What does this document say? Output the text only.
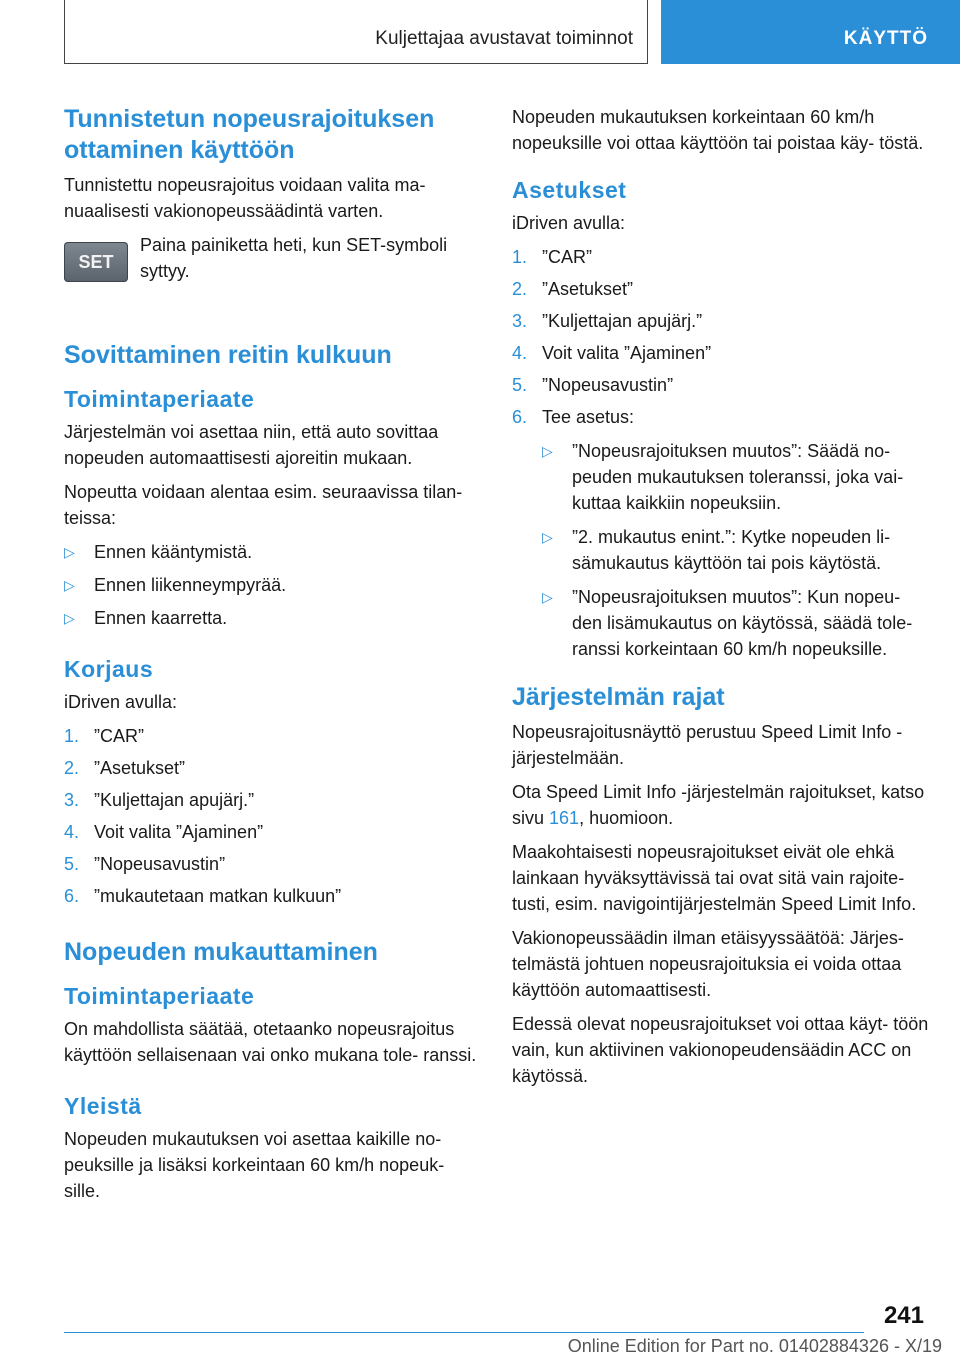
Kuljettajaa avustavat toiminnot	KÄYTTÖ
Tunnistetun nopeusrajoituksen ottaminen käyttöön
Tunnistettu nopeusrajoitus voidaan valita ma- nuaalisesti vakionopeussäädintä varten.
SET
Paina painiketta heti, kun SET-symboli syttyy.
Sovittaminen reitin kulkuun
Toimintaperiaate
Järjestelmän voi asettaa niin, että auto sovittaa nopeuden automaattisesti ajoreitin mukaan.
Nopeutta voidaan alentaa esim. seuraavissa tilan- teissa:
▷ Ennen kääntymistä.
▷ Ennen liikenneympyrää.
▷ Ennen kaarretta.
Korjaus
iDriven avulla:
1. ”CAR”
2. ”Asetukset”
3. ”Kuljettajan apujärj.”
4. Voit valita ”Ajaminen”
5. ”Nopeusavustin”
6. ”mukautetaan matkan kulkuun”
Nopeuden mukauttaminen
Toimintaperiaate
On mahdollista säätää, otetaanko nopeusrajoitus käyttöön sellaisenaan vai onko mukana tole- ranssi.
Yleistä
Nopeuden mukautuksen voi asettaa kaikille no- peuksille ja lisäksi korkeintaan 60 km/h nopeuk- sille.
Nopeuden mukautuksen korkeintaan 60 km/h nopeuksille voi ottaa käyttöön tai poistaa käy- töstä.
Asetukset
iDriven avulla:
1. ”CAR”
2. ”Asetukset”
3. ”Kuljettajan apujärj.”
4. Voit valita ”Ajaminen”
5. ”Nopeusavustin”
6. Tee asetus:
▷ ”Nopeusrajoituksen muutos”: Säädä no- peuden mukautuksen toleranssi, joka vai- kuttaa kaikkiin nopeuksiin.
▷ ”2. mukautus enint.”: Kytke nopeuden li- sämukautus käyttöön tai pois käytöstä.
▷ ”Nopeusrajoituksen muutos”: Kun nopeu- den lisämukautus on käytössä, säädä tole- ranssi korkeintaan 60 km/h nopeuksille.
Järjestelmän rajat
Nopeusrajoitusnäyttö perustuu Speed Limit Info -järjestelmään.
Ota Speed Limit Info -järjestelmän rajoitukset, katso sivu 161, huomioon.
Maakohtaisesti nopeusrajoitukset eivät ole ehkä lainkaan hyväksyttävissä tai ovat sitä vain rajoite- tusti, esim. navigointijärjestelmän Speed Limit Info.
Vakionopeussäädin ilman etäisyyssäätöä: Järjes- telmästä johtuen nopeusrajoituksia ei voida ottaa käyttöön automaattisesti.
Edessä olevat nopeusrajoitukset voi ottaa käyt- töön vain, kun aktiivinen vakionopeudensäädin ACC on käytössä.
241
Online Edition for Part no. 01402884326 - X/19
